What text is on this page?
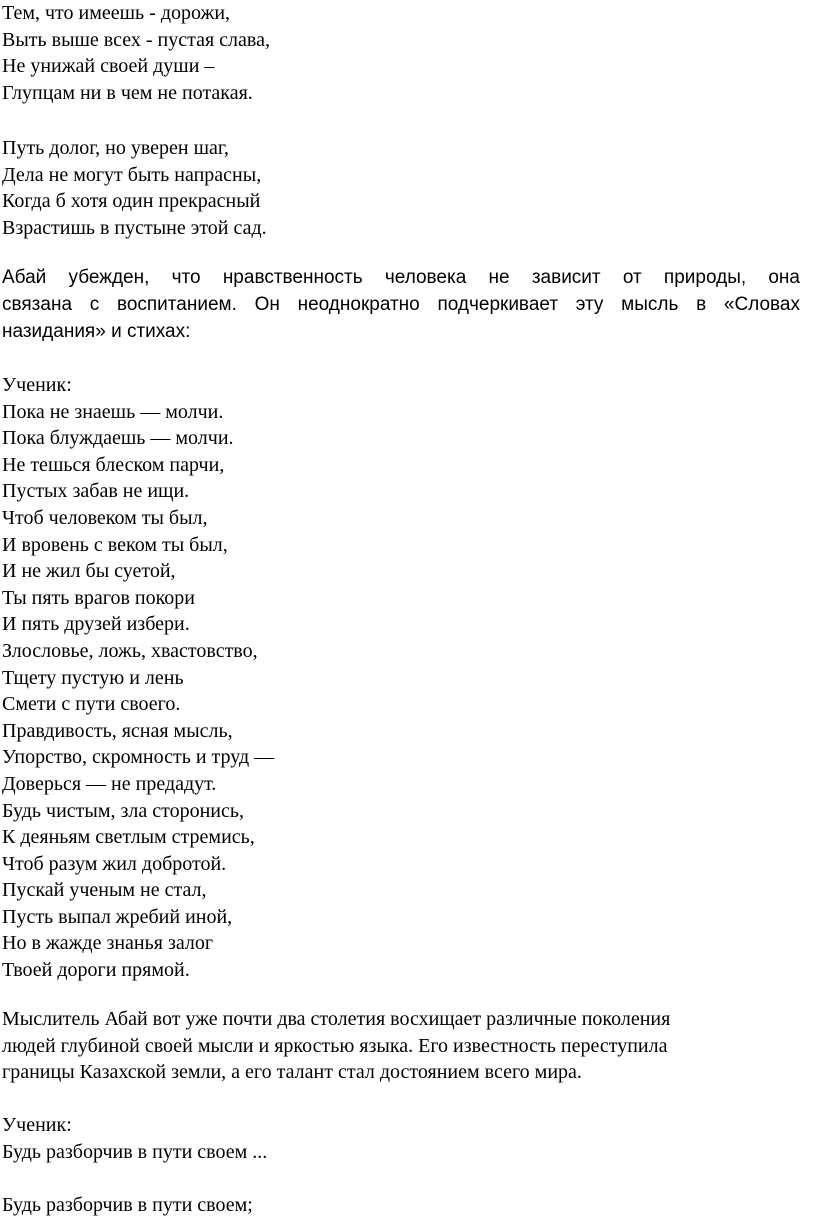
Тем, что имеешь - дорожи,
Выть выше всех - пустая слава,
Не унижай своей души –
Глупцам ни в чем не потакая.
Путь долог, но уверен шаг,
Дела не могут быть напрасны,
Когда б хотя один прекрасный
Взрастишь в пустыне этой сад.
Абай убежден, что нравственность человека не зависит от природы, она
связана с воспитанием. Он неоднократно подчеркивает эту мысль в «Словах
назидания» и стихах:
Ученик:
Пока не знаешь — молчи.
Пока блуждаешь — молчи.
Не тешься блеском парчи,
Пустых забав не ищи.
Чтоб человеком ты был,
И вровень с веком ты был,
И не жил бы суетой,
Ты пять врагов покори
И пять друзей избери.
Злословье, ложь, хвастовство,
Тщету пустую и лень
Смети с пути своего.
Правдивость, ясная мысль,
Упорство, скромность и труд —
Доверься — не предадут.
Будь чистым, зла сторонись,
К деяньям светлым стремись,
Чтоб разум жил добротой.
Пускай ученым не стал,
Пусть выпал жребий иной,
Но в жажде знанья залог
Твоей дороги прямой.
Мыслитель Абай вот уже почти два столетия восхищает различные поколения
людей глубиной своей мысли и яркостью языка. Его известность переступила
границы Казахской земли, а его талант стал достоянием всего мира.
Ученик:
Будь разборчив в пути своем ...
Будь разборчив в пути своем;
